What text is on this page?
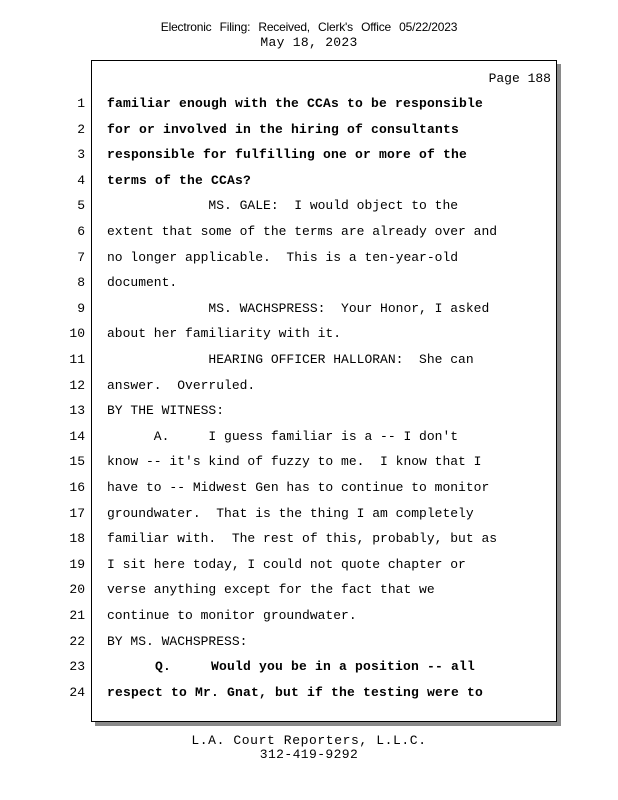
Electronic Filing: Received, Clerk's Office 05/22/2023
May 18, 2023
Page 188
1 familiar enough with the CCAs to be responsible
2 for or involved in the hiring of consultants
3 responsible for fulfilling one or more of the
4 terms of the CCAs?
5 MS. GALE:  I would object to the
6 extent that some of the terms are already over and
7 no longer applicable.  This is a ten-year-old
8 document.
9 MS. WACHSPRESS:  Your Honor, I asked
10 about her familiarity with it.
11 HEARING OFFICER HALLORAN:  She can
12 answer.  Overruled.
13 BY THE WITNESS:
14 A.     I guess familiar is a -- I don't
15 know -- it's kind of fuzzy to me.  I know that I
16 have to -- Midwest Gen has to continue to monitor
17 groundwater.  That is the thing I am completely
18 familiar with.  The rest of this, probably, but as
19 I sit here today, I could not quote chapter or
20 verse anything except for the fact that we
21 continue to monitor groundwater.
22 BY MS. WACHSPRESS:
23 Q.     Would you be in a position -- all
24 respect to Mr. Gnat, but if the testing were to
L.A. Court Reporters, L.L.C.
312-419-9292
